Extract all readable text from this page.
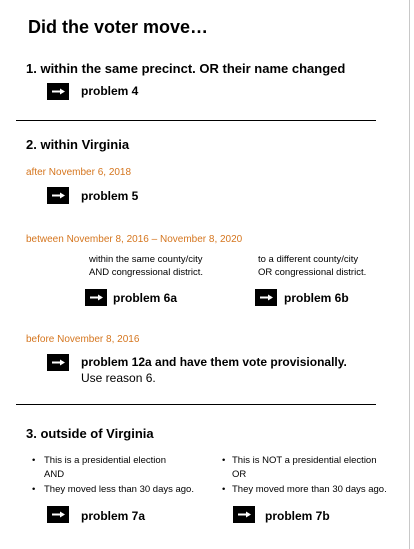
Did the voter move…
1. within the same precinct. OR their name changed
problem 4
2. within Virginia
after November 6, 2018
problem 5
between November 8, 2016 – November 8, 2020
within the same county/city
AND congressional district.
to a different county/city
OR congressional district.
problem 6a	problem 6b
before November 8, 2016
problem 12a and have them vote provisionally.
Use reason 6.
3. outside of Virginia
• This is a presidential election
AND
• They moved less than 30 days ago.
• This is NOT a presidential election
OR
• They moved more than 30 days ago.
problem 7a	problem 7b
